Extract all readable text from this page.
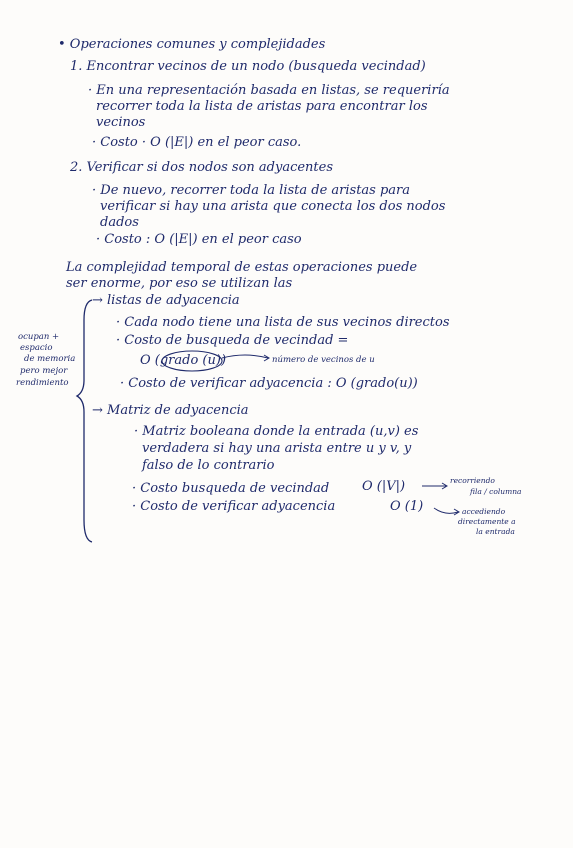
• Operaciones comunes y complejidades
1. Encontrar vecinos de un nodo (busqueda vecindad)
· En una representación basada en listas, se requeriría
recorrer toda la lista de aristas para encontrar los
vecinos
· Costo · O (|E|) en el peor caso.
2. Verificar si dos nodos son adyacentes
· De nuevo, recorrer toda la lista de aristas para
verificar si hay una arista que conecta los dos nodos
dados
· Costo : O (|E|) en el peor caso
La complejidad temporal de estas operaciones puede
ser enorme, por eso se utilizan las
ocupan +
espacio
de memoria
pero mejor
rendimiento
→ listas de adyacencia
· Cada nodo tiene una lista de sus vecinos directos
· Costo de busqueda de vecindad =
O (grado (u))	número de vecinos de u
· Costo de verificar adyacencia : O (grado(u))
→ Matriz de adyacencia
· Matriz booleana donde la entrada (u,v) es
verdadera si hay una arista entre u y v, y
falso de lo contrario
· Costo busqueda de vecindad	O (|V|)	recorriendo
fila / columna
· Costo de verificar adyacencia	O (1)	accediendo
directamente a
la entrada
